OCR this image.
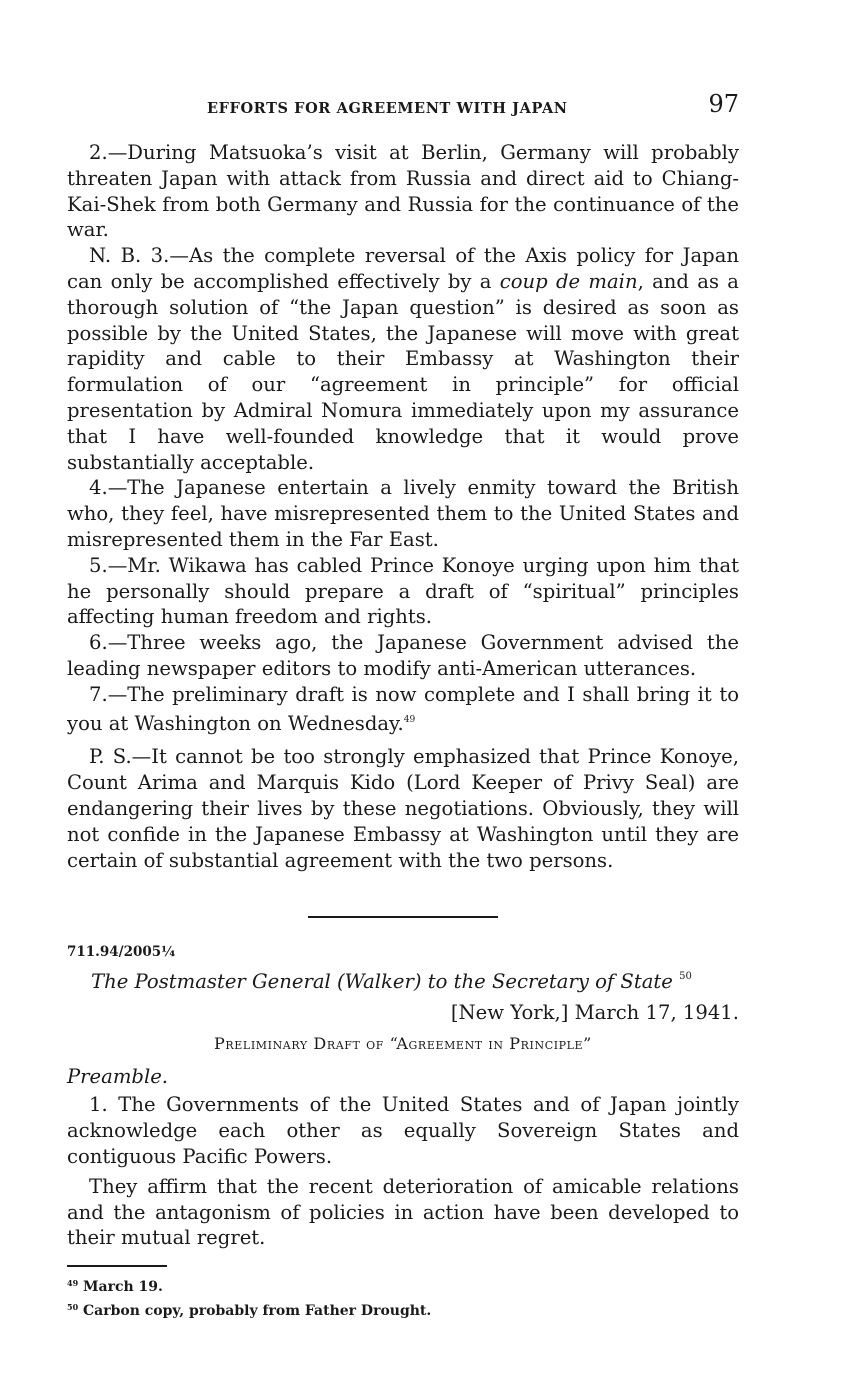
EFFORTS FOR AGREEMENT WITH JAPAN	97

2.—During Matsuoka’s visit at Berlin, Germany will probably threaten Japan with attack from Russia and direct aid to Chiang-Kai-Shek from both Germany and Russia for the continuance of the war.

N. B. 3.—As the complete reversal of the Axis policy for Japan can only be accomplished effectively by a coup de main, and as a thorough solution of “the Japan question” is desired as soon as possible by the United States, the Japanese will move with great rapidity and cable to their Embassy at Washington their formulation of our “agreement in principle” for official presentation by Admiral Nomura immediately upon my assurance that I have well-founded knowledge that it would prove substantially acceptable.

4.—The Japanese entertain a lively enmity toward the British who, they feel, have misrepresented them to the United States and misrepresented them in the Far East.

5.—Mr. Wikawa has cabled Prince Konoye urging upon him that he personally should prepare a draft of “spiritual” principles affecting human freedom and rights.

6.—Three weeks ago, the Japanese Government advised the leading newspaper editors to modify anti-American utterances.

7.—The preliminary draft is now complete and I shall bring it to you at Washington on Wednesday.$^{49}$

P. S.—It cannot be too strongly emphasized that Prince Konoye, Count Arima and Marquis Kido (Lord Keeper of Privy Seal) are endangering their lives by these negotiations. Obviously, they will not confide in the Japanese Embassy at Washington until they are certain of substantial agreement with the two persons.

711.94/2005¼
The Postmaster General (Walker) to the Secretary of State $^{50}$
[New York,] March 17, 1941.
Preliminary Draft of “Agreement in Principle”
Preamble.

1. The Governments of the United States and of Japan jointly acknowledge each other as equally Sovereign States and contiguous Pacific Powers.

They affirm that the recent deterioration of amicable relations and the antagonism of policies in action have been developed to their mutual regret.

$^{49}$ March 19.
$^{50}$ Carbon copy, probably from Father Drought.
